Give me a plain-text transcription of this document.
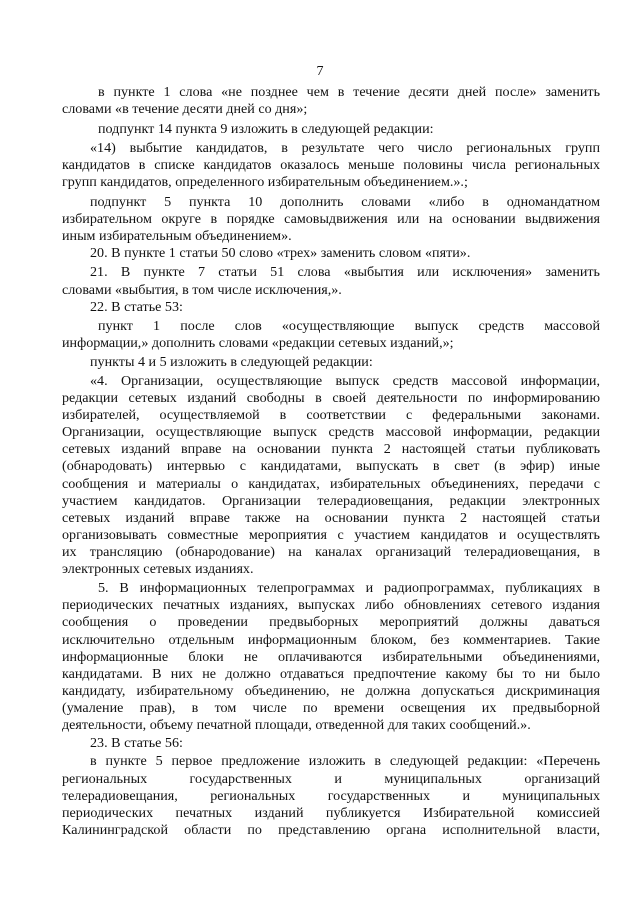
7
в пункте 1 слова «не позднее чем в течение десяти дней после» заменить
словами «в течение десяти дней со дня»;
подпункт 14 пункта 9 изложить в следующей редакции:
«14) выбытие кандидатов, в результате чего число региональных групп
кандидатов в списке кандидатов оказалось меньше половины числа региональных
групп кандидатов, определенного избирательным объединением.».;
подпункт 5 пункта 10 дополнить словами «либо в одномандатном
избирательном округе в порядке самовыдвижения или на основании выдвижения
иным избирательным объединением».
20. В пункте 1 статьи 50 слово «трех» заменить словом «пяти».
21. В пункте 7 статьи 51 слова «выбытия или исключения» заменить
словами «выбытия, в том числе исключения,».
22. В статье 53:
пункт 1 после слов «осуществляющие выпуск средств массовой
информации,» дополнить словами «редакции сетевых изданий,»;
пункты 4 и 5 изложить в следующей редакции:
«4. Организации, осуществляющие выпуск средств массовой информации,
редакции сетевых изданий свободны в своей деятельности по информированию
избирателей, осуществляемой в соответствии с федеральными законами.
Организации, осуществляющие выпуск средств массовой информации, редакции
сетевых изданий вправе на основании пункта 2 настоящей статьи публиковать
(обнародовать) интервью с кандидатами, выпускать в свет (в эфир) иные
сообщения и материалы о кандидатах, избирательных объединениях, передачи с
участием кандидатов. Организации телерадиовещания, редакции электронных
сетевых изданий вправе также на основании пункта 2 настоящей статьи
организовывать совместные мероприятия с участием кандидатов и осуществлять
их трансляцию (обнародование) на каналах организаций телерадиовещания, в
электронных сетевых изданиях.
5. В информационных телепрограммах и радиопрограммах, публикациях в
периодических печатных изданиях, выпусках либо обновлениях сетевого издания
сообщения о проведении предвыборных мероприятий должны даваться
исключительно отдельным информационным блоком, без комментариев. Такие
информационные блоки не оплачиваются избирательными объединениями,
кандидатами. В них не должно отдаваться предпочтение какому бы то ни было
кандидату, избирательному объединению, не должна допускаться дискриминация
(умаление прав), в том числе по времени освещения их предвыборной
деятельности, объему печатной площади, отведенной для таких сообщений.».
23. В статье 56:
в пункте 5 первое предложение изложить в следующей редакции: «Перечень
региональных государственных и муниципальных организаций
телерадиовещания, региональных государственных и муниципальных
периодических печатных изданий публикуется Избирательной комиссией
Калининградской области по представлению органа исполнительной власти,
